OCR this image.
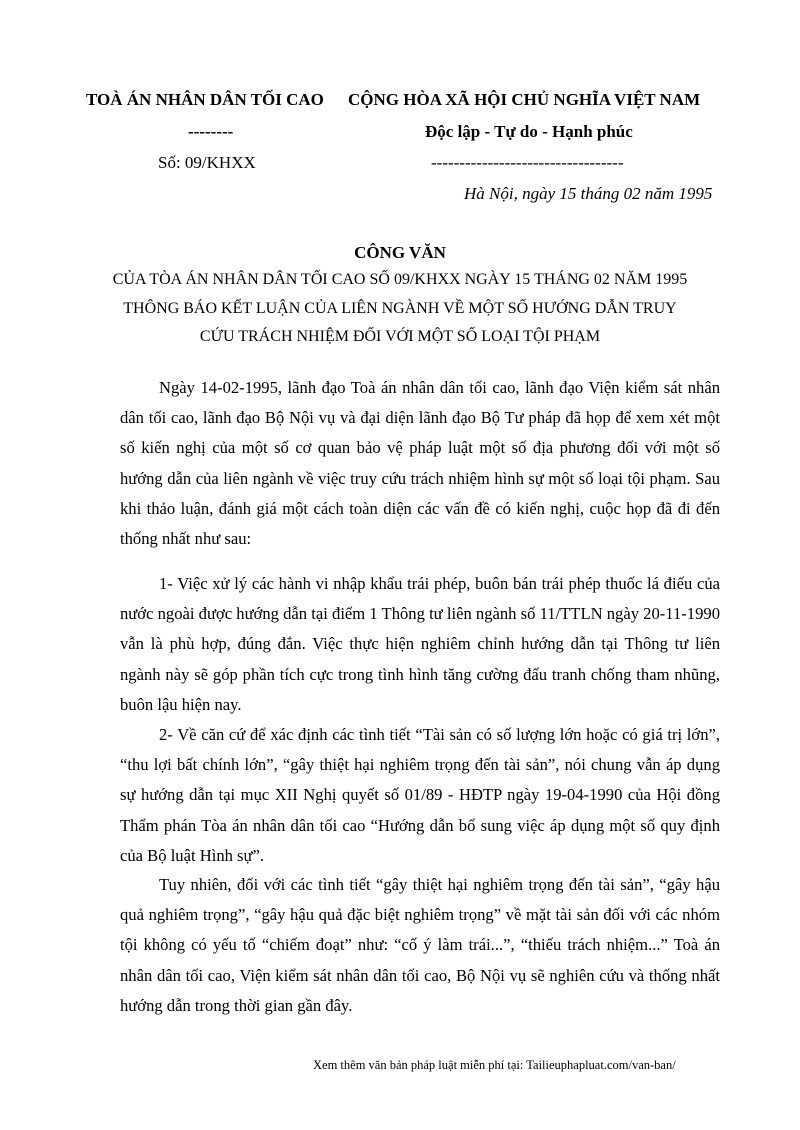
TOÀ ÁN NHÂN DÂN TỐI CAO
--------
Số: 09/KHXX
CỘNG HÒA XÃ HỘI CHỦ NGHĨA VIỆT NAM
Độc lập - Tự do - Hạnh phúc
----------------------------------
Hà Nội, ngày 15 tháng 02 năm 1995
CÔNG VĂN
CỦA TÒA ÁN NHÂN DÂN TỐI CAO SỐ 09/KHXX NGÀY 15 THÁNG 02 NĂM 1995
THÔNG BÁO KẾT LUẬN CỦA LIÊN NGÀNH VỀ MỘT SỐ HƯỚNG DẪN TRUY
CỨU TRÁCH NHIỆM ĐỐI VỚI MỘT SỐ LOẠI TỘI PHẠM

Ngày 14-02-1995, lãnh đạo Toà án nhân dân tối cao, lãnh đạo Viện kiểm sát nhân dân tối cao, lãnh đạo Bộ Nội vụ và đại diện lãnh đạo Bộ Tư pháp đã họp để xem xét một số kiến nghị của một số cơ quan bảo vệ pháp luật một số địa phương đối với một số hướng dẫn của liên ngành về việc truy cứu trách nhiệm hình sự một số loại tội phạm. Sau khi thảo luận, đánh giá một cách toàn diện các vấn đề có kiến nghị, cuộc họp đã đi đến thống nhất như sau:

1- Việc xử lý các hành vi nhập khẩu trái phép, buôn bán trái phép thuốc lá điếu của nước ngoài được hướng dẫn tại điểm 1 Thông tư liên ngành số 11/TTLN ngày 20-11-1990 vẫn là phù hợp, đúng đắn. Việc thực hiện nghiêm chỉnh hướng dẫn tại Thông tư liên ngành này sẽ góp phần tích cực trong tình hình tăng cường đấu tranh chống tham nhũng, buôn lậu hiện nay.

2- Về căn cứ để xác định các tình tiết “Tài sản có số lượng lớn hoặc có giá trị lớn”, “thu lợi bất chính lớn”, “gây thiệt hại nghiêm trọng đến tài sản”, nói chung vẫn áp dụng sự hướng dẫn tại mục XII Nghị quyết số 01/89 - HĐTP ngày 19-04-1990 của Hội đồng Thẩm phán Tòa án nhân dân tối cao “Hướng dẫn bổ sung việc áp dụng một số quy định của Bộ luật Hình sự”.

Tuy nhiên, đối với các tình tiết “gây thiệt hại nghiêm trọng đến tài sản”, “gây hậu quả nghiêm trọng”, “gây hậu quả đặc biệt nghiêm trọng” về mặt tài sản đối với các nhóm tội không có yếu tố “chiếm đoạt” như: “cố ý làm trái...”, “thiếu trách nhiệm...” Toà án nhân dân tối cao, Viện kiểm sát nhân dân tối cao, Bộ Nội vụ sẽ nghiên cứu và thống nhất hướng dẫn trong thời gian gần đây.

Xem thêm văn bản pháp luật miễn phí tại: Tailieuphapluat.com/van-ban/
